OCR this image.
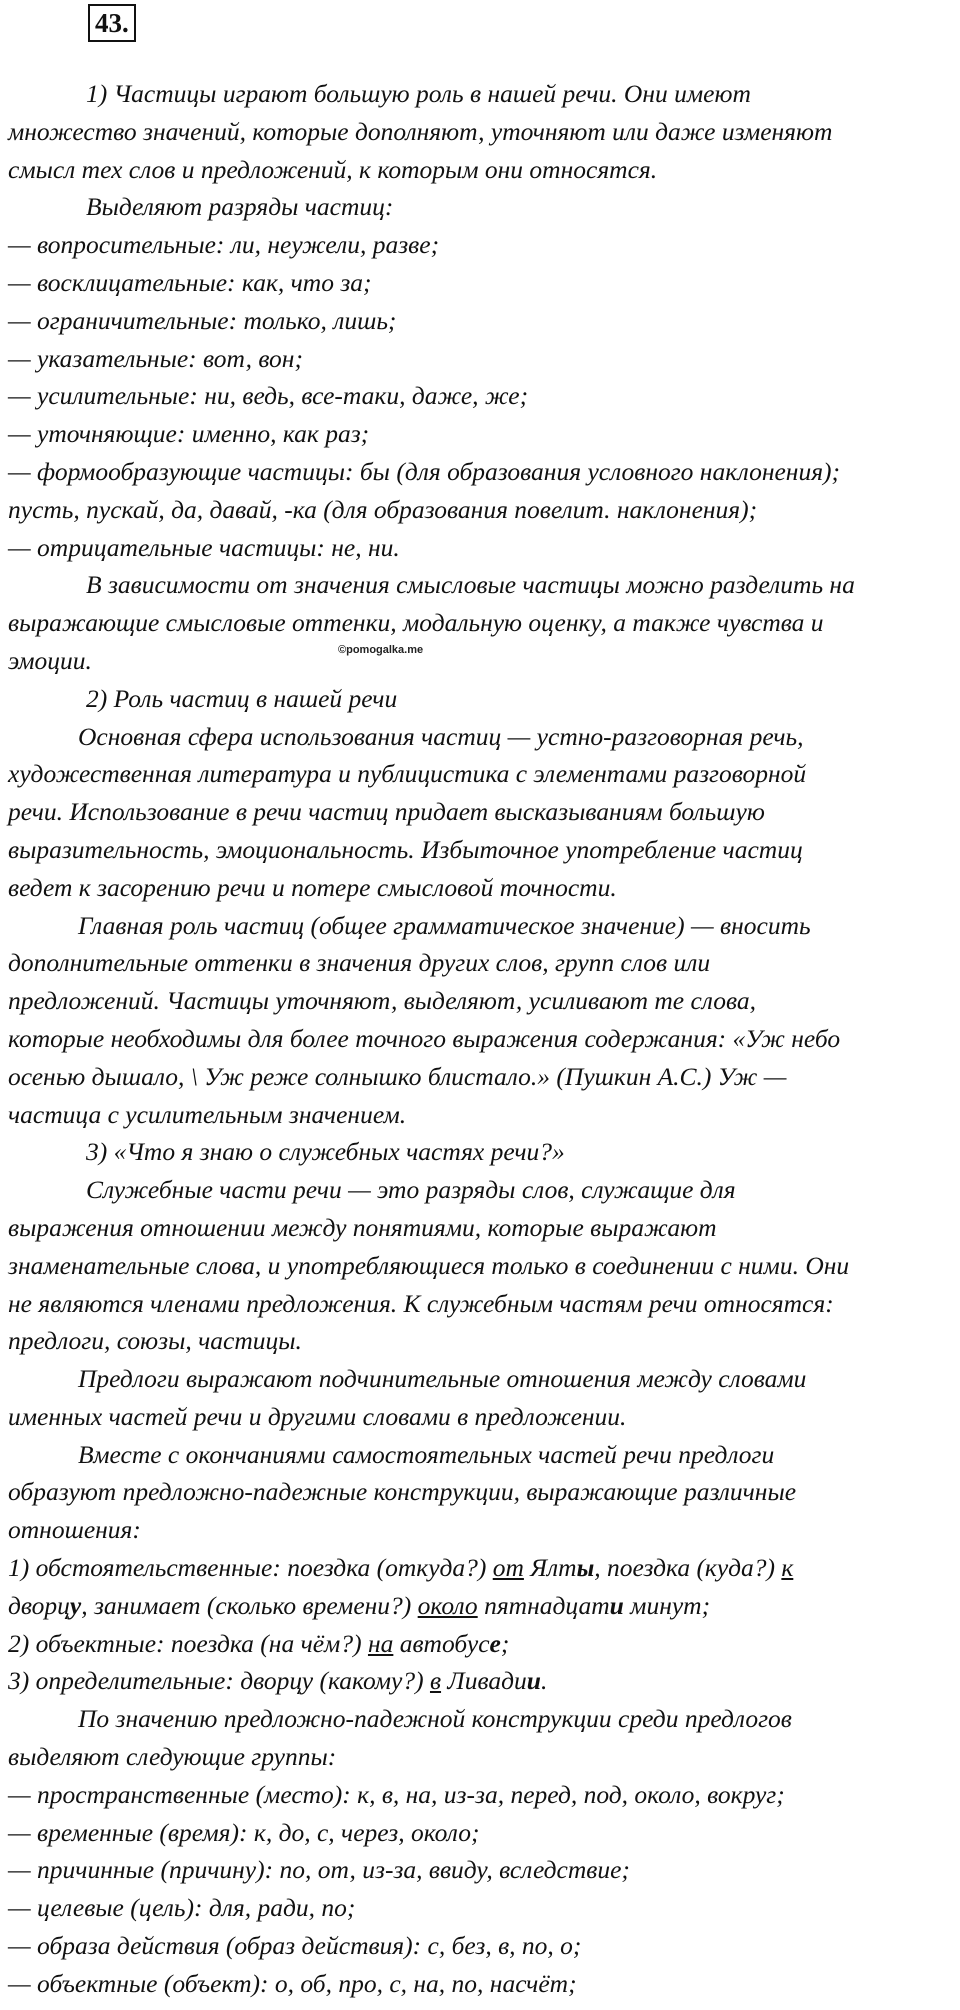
43.
1) Частицы играют большую роль в нашей речи. Они имеют
множество значений, которые дополняют, уточняют или даже изменяют
смысл тех слов и предложений, к которым они относятся.
Выделяют разряды частиц:
— вопросительные: ли, неужели, разве;
— восклицательные: как, что за;
— ограничительные: только, лишь;
— указательные: вот, вон;
— усилительные: ни, ведь, все-таки, даже, же;
— уточняющие: именно, как раз;
— формообразующие частицы: бы (для образования условного наклонения);
пусть, пускай, да, давай, -ка (для образования повелит. наклонения);
— отрицательные частицы: не, ни.
В зависимости от значения смысловые частицы можно разделить на
выражающие смысловые оттенки, модальную оценку, а также чувства и
эмоции.
2) Роль частиц в нашей речи
Основная сфера использования частиц — устно-разговорная речь,
художественная литература и публицистика с элементами разговорной
речи. Использование в речи частиц придает высказываниям большую
выразительность, эмоциональность. Избыточное употребление частиц
ведет к засорению речи и потере смысловой точности.
Главная роль частиц (общее грамматическое значение) — вносить
дополнительные оттенки в значения других слов, групп слов или
предложений. Частицы уточняют, выделяют, усиливают те слова,
которые необходимы для более точного выражения содержания: «Уж небо
осенью дышало, \ Уж реже солнышко блистало.» (Пушкин А.С.) Уж —
частица с усилительным значением.
3) «Что я знаю о служебных частях речи?»
Служебные части речи — это разряды слов, служащие для
выражения отношении между понятиями, которые выражают
знаменательные слова, и употребляющиеся только в соединении с ними. Они
не являются членами предложения. К служебным частям речи относятся:
предлоги, союзы, частицы.
Предлоги выражают подчинительные отношения между словами
именных частей речи и другими словами в предложении.
Вместе с окончаниями самостоятельных частей речи предлоги
образуют предложно-падежные конструкции, выражающие различные
отношения:
1) обстоятельственные: поездка (откуда?) от Ялты, поездка (куда?) к
дворцу, занимает (сколько времени?) около пятнадцати минут;
2) объектные: поездка (на чём?) на автобусе;
3) определительные: дворцу (какому?) в Ливадии.
По значению предложно-падежной конструкции среди предлогов
выделяют следующие группы:
— пространственные (место): к, в, на, из-за, перед, под, около, вокруг;
— временные (время): к, до, с, через, около;
— причинные (причину): по, от, из-за, ввиду, вследствие;
— целевые (цель): для, ради, по;
— образа действия (образ действия): с, без, в, по, о;
— объектные (объект): о, об, про, с, на, по, насчёт;
©pomogalka.me
